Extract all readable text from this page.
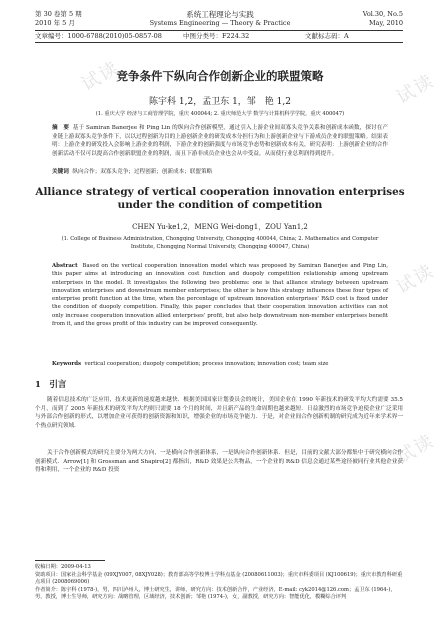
试读	试读
试读
试读
第 30 卷第 5 期
2010 年 5 月
系统工程理论与实践
Systems Engineering — Theory & Practice
Vol.30, No.5
May, 2010
文章编号：1000-6788(2010)05-0857-08	中图分类号：F224.32	文献标志码：A
竞争条件下纵向合作创新企业的联盟策略
陈宇科 1,2，孟卫东 1，邹　艳 1,2
(1. 重庆大学 经济与工商管理学院，重庆 400044; 2. 重庆师范大学 数学与计算机科学学院，重庆 400047)
摘　要 基于 Samiran Banerjee 和 Ping Lin 的纵向合作创新模型，通过引入上游企业间双寡头竞争关系和创新成本函数，探讨在产业链上游双寡头竞争条件下，以以过程创新为目的上游创新企业的研发成本分担行为和上游创新企业与下游成员企业的联盟策略。结果表明：上游企业的研发投入会影响上游企业的利润，下游企业的创新强度与市场竞争态势和创新成本有关，研究表明：上游创新企业的合作创新活动不仅可以提高合作创新联盟企业的利润，而且下游非成员企业也会从中受益，从而使行业总利润得到提升。
关键词 纵向合作；双寡头竞争；过程创新；创新成本；联盟策略
Alliance strategy of vertical cooperation innovation enterprises
under the condition of competition
CHEN Yu-ke1,2，MENG Wei-dong1，ZOU Yan1,2
(1. College of Business Administration, Chongqing University, Chongqing 400044, China; 2. Mathematics and Computer
Institute, Chongqing Normal University, Chongqing 400047, China)
Abstract Based on the vertical cooperation innovation model which was proposed by Samiran Banerjee and Ping Lin, this paper aims at introducing an innovation cost function and duopoly competition relationship among upstream enterprises in the model. It investigates the following two problems: one is that alliance strategy between upstream innovation enterprises and downstream member enterprises; the other is how this strategy influences these four types of enterprise profit function at the time, when the percentage of upstream innovation enterprises' R&D cost is fixed under the condition of duopoly competition. Finally, this paper concludes that their cooperation innovation activities can not only increase cooperation innovation allied enterprises' profit, but also help downstream non-member enterprises benefit from it, and the gross profit of this industry can be improved consequently.
Keywords vertical cooperation; duopoly competition; process innovation; innovation cost; team size
1　引言
随着信息技术的广泛应用，技术更新的速度越来越快．根据美国国家计划委员会的统计，美国企业在 1990 年新技术的研发平均大约需要 35.5 个月，而到了 2005 年新技术的研发平均大约则只需要 18 个月的时间，并且新产品的生命周期也越来越短．日益激烈的市场竞争迫使企业广泛采用与外部合作创新的形式，以增加企业可获得的创新资源和知识，增强企业的市场竞争能力．于是，对企业间合作创新机制的研究成为近年来学术界一个热点研究领域．
关于合作创新模式的研究主要分为两大方向，一是横向合作创新体系，一是纵向合作创新体系．但是，目前的文献大部分都集中于研究横向合作创新模式．Arrow[1] 和 Grossman and Shapiro[2] 都指出，R&D 效果是公共物品，一个企业的 R&D 信息会通过某些途径被同行业其他企业获得和利用，一个企业的 R&D 投资
收稿日期：2009-04-13
资助项目：国家社会科学基金 (09XJY007, 08XJY028)；教育部高等学校博士学科点基金 (20080611003)；重庆市科委项目 (KJ100619)；重庆市教育科研重点项目 (2008069006)
作者简介：陈宇科 (1978-)，男，四川泸州人，博士研究生，讲师，研究方向：技术创新合作，产业经济，E-mail: cyk2014@126.com；孟卫东 (1964-)，男，教授，博士生导师，研究方向：战略管理，区域经济，技术创新；邹艳 (1974-)，女，副教授，研究方向：智能优化，模糊综合评判
